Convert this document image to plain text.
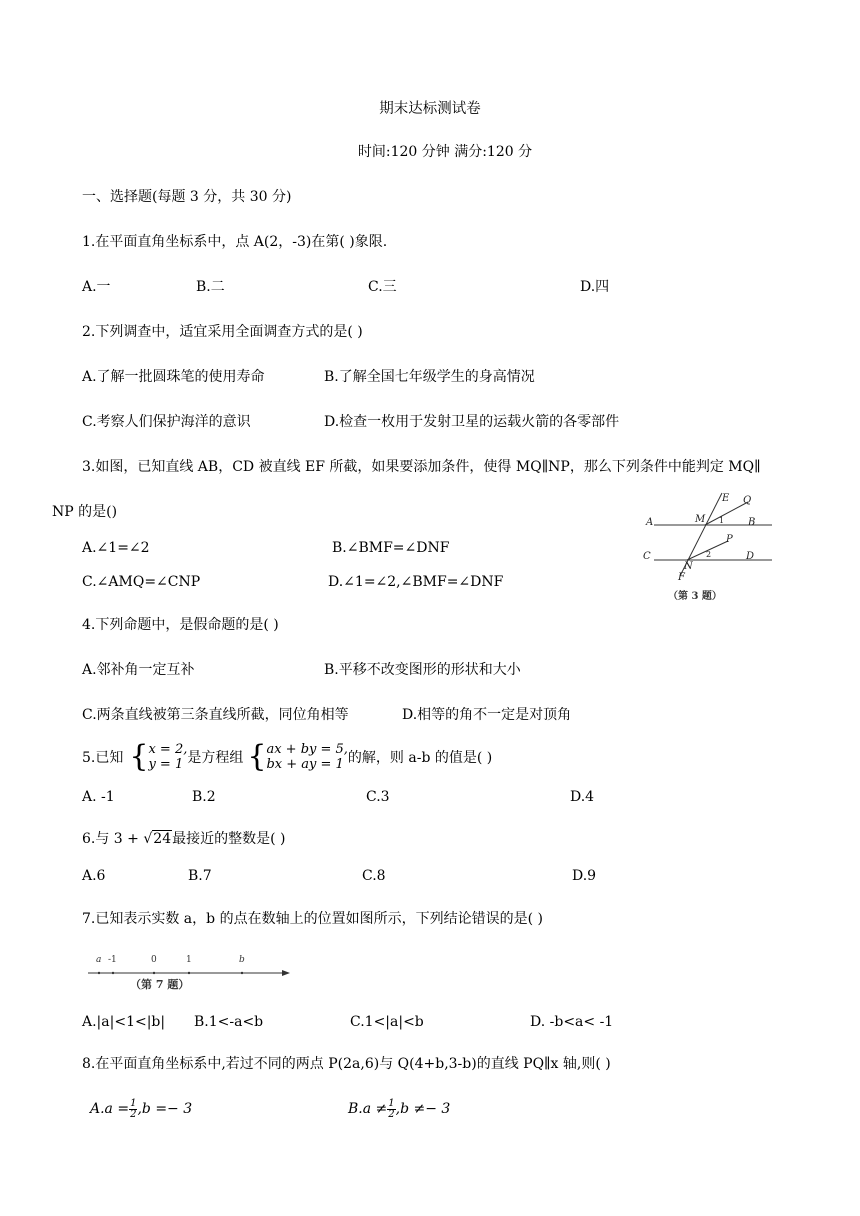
期末达标测试卷
时间:120 分钟 满分:120 分
一、选择题(每题 3 分，共 30 分)
1.在平面直角坐标系中，点 A(2，-3)在第( )象限.
A.一	B.二	C.三	D.四
2.下列调查中，适宜采用全面调查方式的是( )
A.了解一批圆珠笔的使用寿命	B.了解全国七年级学生的身高情况
C.考察人们保护海洋的意识	D.检查一枚用于发射卫星的运载火箭的各零部件
3.如图，已知直线 AB，CD 被直线 EF 所截，如果要添加条件，使得 MQ∥NP，那么下列条件中能判定 MQ∥
NP 的是()
A.∠1=∠2	B.∠BMF=∠DNF
C.∠AMQ=∠CNP	D.∠1=∠2,∠BMF=∠DNF
A	B
C	D
E Q
M
P
N
F
1
2
（第 3 题）
4.下列命题中，是假命题的是( )
A.邻补角一定互补	B.平移不改变图形的形状和大小
C.两条直线被第三条直线所截，同位角相等	D.相等的角不一定是对顶角
5.已知 { x = 2,
y = 1 是方程组 { ax + by = 5,
bx + ay = 1 的解，则 a-b 的值是( )
A. -1	B.2	C.3	D.4
6.与 3 + √24最接近的整数是( )
A.6	B.7	C.8	D.9
7.已知表示实数 a，b 的点在数轴上的位置如图所示，下列结论错误的是( )
a -1	0	1	b
（第 7 题）
A.|a|<1<|b| B.1<-a<b	C.1<|a|<b	D. -b<a< -1
8.在平面直角坐标系中,若过不同的两点 P(2a,6)与 Q(4+b,3-b)的直线 PQ∥x 轴,则( )
$A.a = \frac{1}{2} ,b =- 3$	$B.a \ne \frac{1}{2} ,b \ne- 3$
